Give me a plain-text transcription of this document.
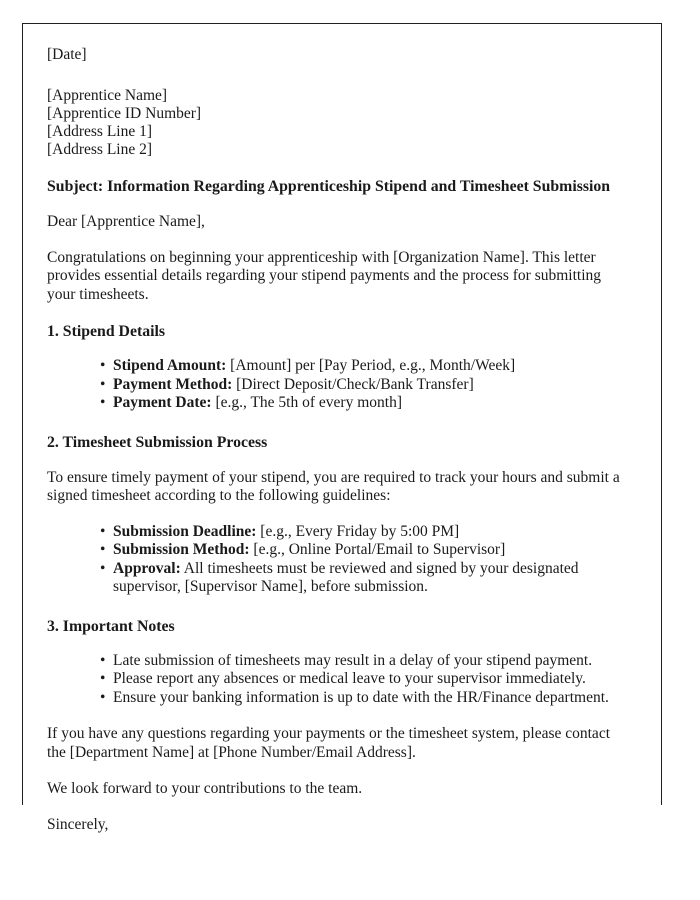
[Date]
[Apprentice Name]
[Apprentice ID Number]
[Address Line 1]
[Address Line 2]
Subject: Information Regarding Apprenticeship Stipend and Timesheet Submission
Dear [Apprentice Name],
Congratulations on beginning your apprenticeship with [Organization Name]. This letter provides essential details regarding your stipend payments and the process for submitting your timesheets.
1. Stipend Details
• Stipend Amount: [Amount] per [Pay Period, e.g., Month/Week]
• Payment Method: [Direct Deposit/Check/Bank Transfer]
• Payment Date: [e.g., The 5th of every month]
2. Timesheet Submission Process
To ensure timely payment of your stipend, you are required to track your hours and submit a signed timesheet according to the following guidelines:
• Submission Deadline: [e.g., Every Friday by 5:00 PM]
• Submission Method: [e.g., Online Portal/Email to Supervisor]
• Approval: All timesheets must be reviewed and signed by your designated supervisor, [Supervisor Name], before submission.
3. Important Notes
• Late submission of timesheets may result in a delay of your stipend payment.
• Please report any absences or medical leave to your supervisor immediately.
• Ensure your banking information is up to date with the HR/Finance department.
If you have any questions regarding your payments or the timesheet system, please contact the [Department Name] at [Phone Number/Email Address].
We look forward to your contributions to the team.
Sincerely,
